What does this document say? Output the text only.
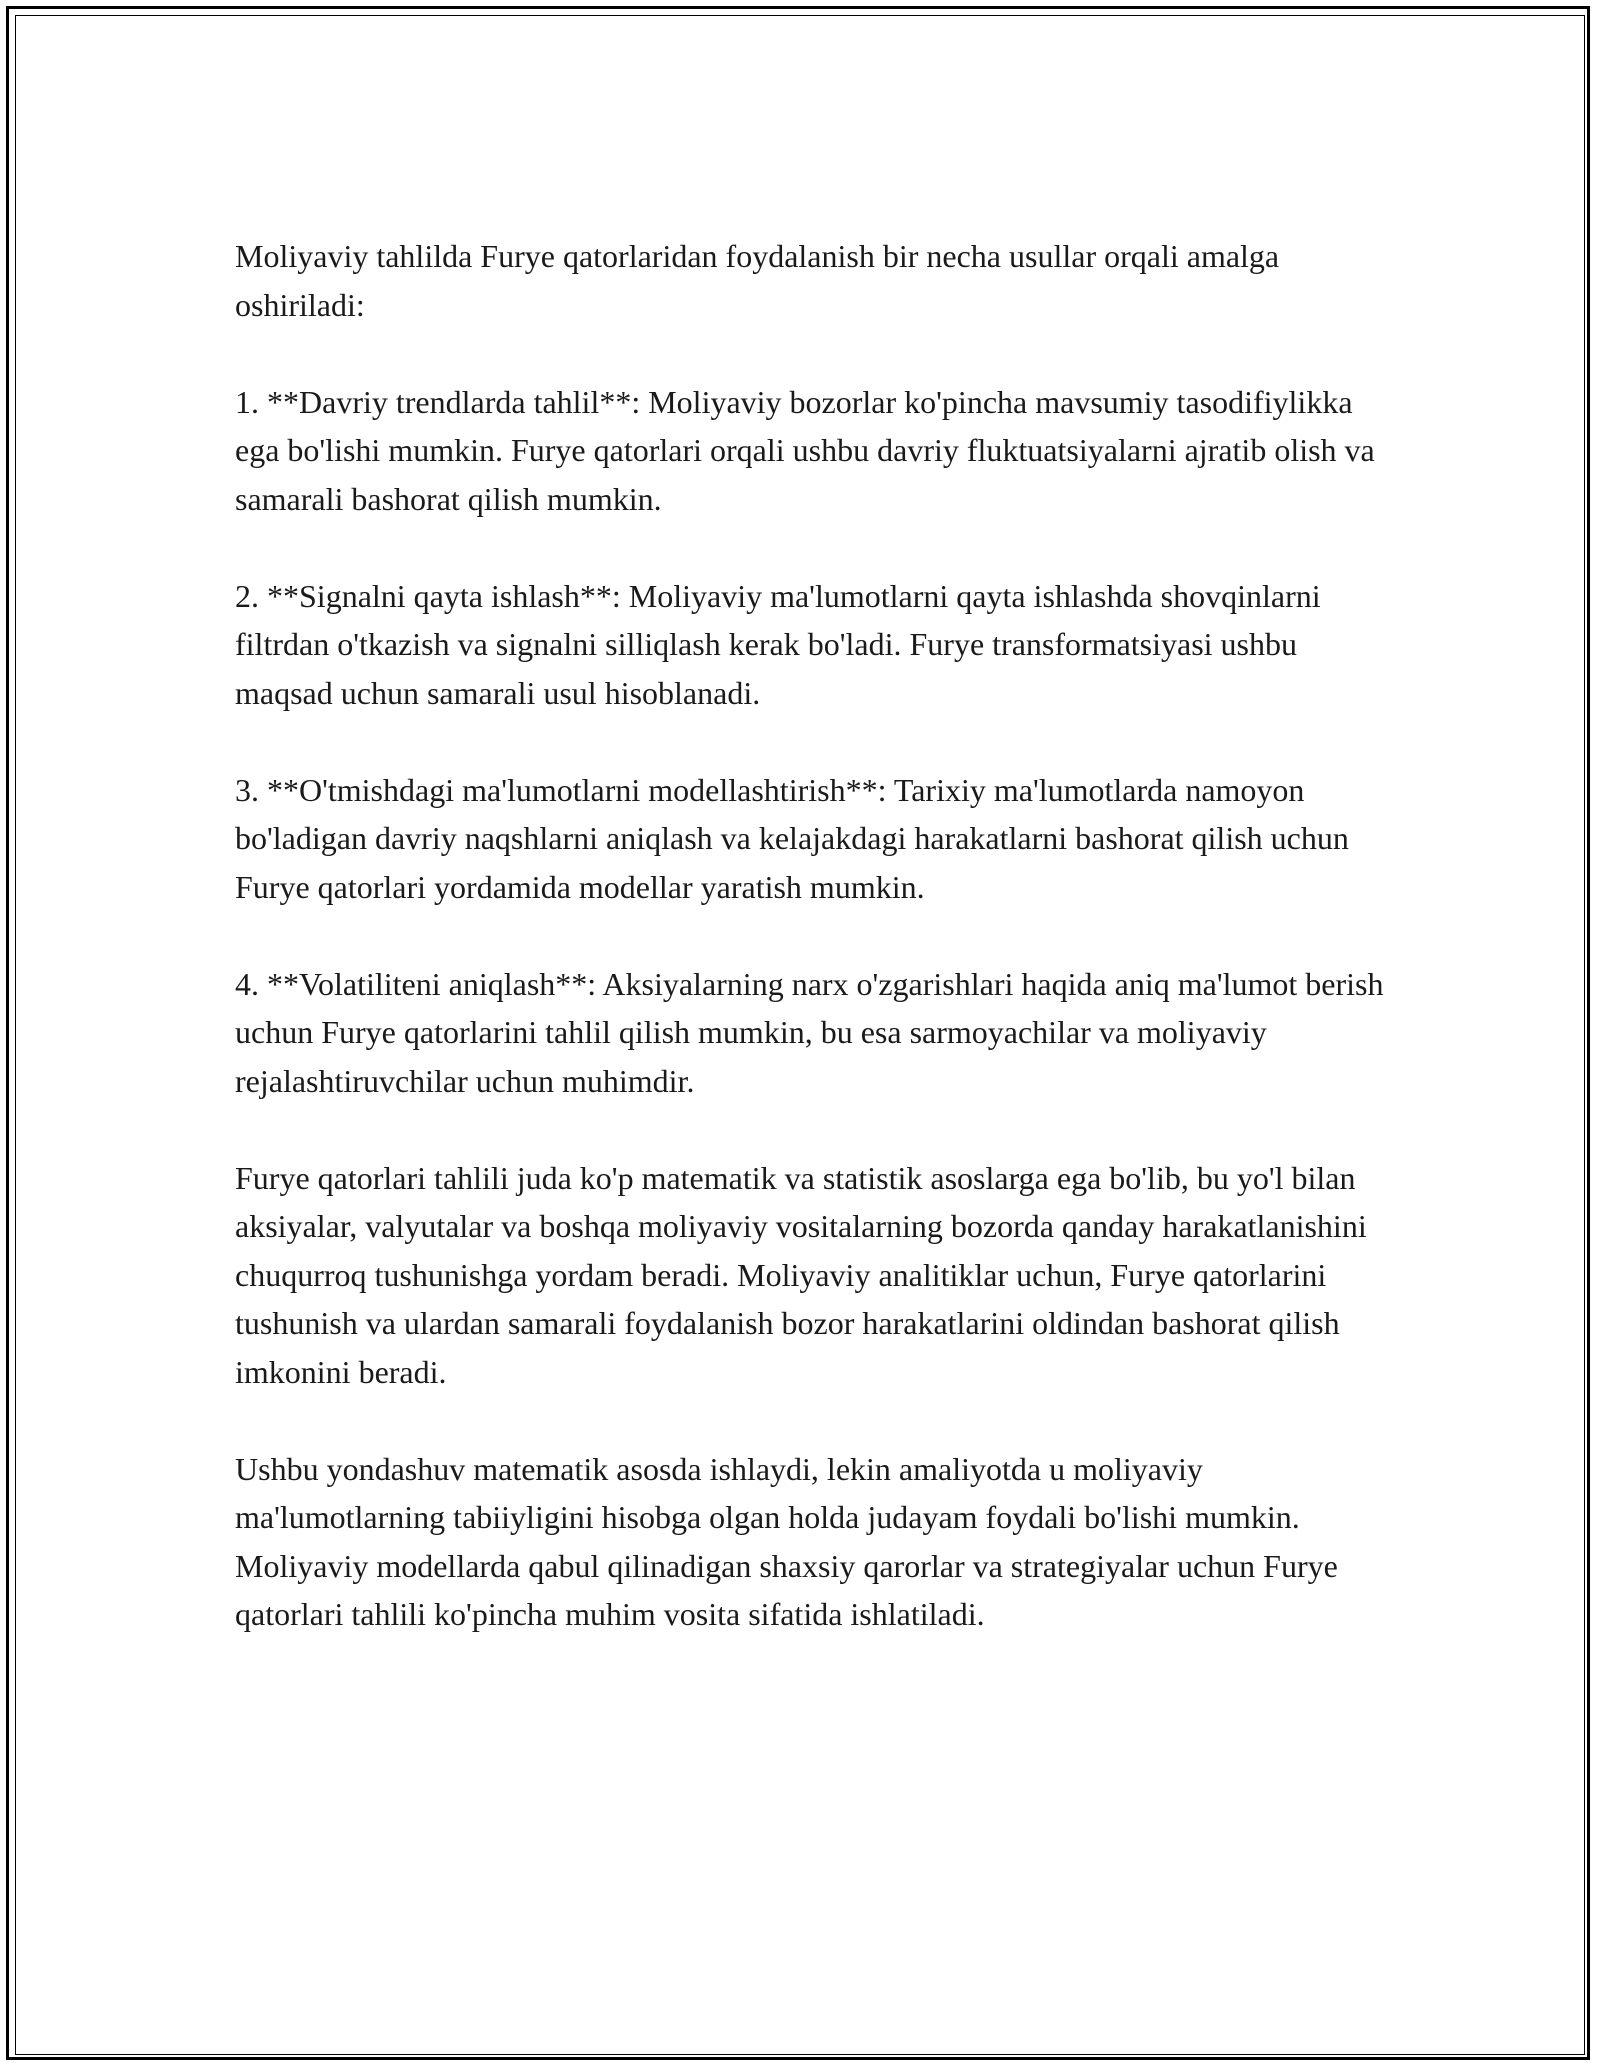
Moliyaviy tahlilda Furye qatorlaridan foydalanish bir necha usullar orqali amalga oshiriladi:

1. **Davriy trendlarda tahlil**: Moliyaviy bozorlar ko'pincha mavsumiy tasodifiylikka ega bo'lishi mumkin. Furye qatorlari orqali ushbu davriy fluktuatsiyalarni ajratib olish va samarali bashorat qilish mumkin.

2. **Signalni qayta ishlash**: Moliyaviy ma'lumotlarni qayta ishlashda shovqinlarni filtrdan o'tkazish va signalni silliqlash kerak bo'ladi. Furye transformatsiyasi ushbu maqsad uchun samarali usul hisoblanadi.

3. **O'tmishdagi ma'lumotlarni modellashtirish**: Tarixiy ma'lumotlarda namoyon bo'ladigan davriy naqshlarni aniqlash va kelajakdagi harakatlarni bashorat qilish uchun Furye qatorlari yordamida modellar yaratish mumkin.

4. **Volatiliteni aniqlash**: Aksiyalarning narx o'zgarishlari haqida aniq ma'lumot berish uchun Furye qatorlarini tahlil qilish mumkin, bu esa sarmoyachilar va moliyaviy rejalashtiruvchilar uchun muhimdir.

Furye qatorlari tahlili juda ko'p matematik va statistik asoslarga ega bo'lib, bu yo'l bilan aksiyalar, valyutalar va boshqa moliyaviy vositalarning bozorda qanday harakatlanishini chuqurroq tushunishga yordam beradi. Moliyaviy analitiklar uchun, Furye qatorlarini tushunish va ulardan samarali foydalanish bozor harakatlarini oldindan bashorat qilish imkonini beradi.

Ushbu yondashuv matematik asosda ishlaydi, lekin amaliyotda u moliyaviy ma'lumotlarning tabiiyligini hisobga olgan holda judayam foydali bo'lishi mumkin. Moliyaviy modellarda qabul qilinadigan shaxsiy qarorlar va strategiyalar uchun Furye qatorlari tahlili ko'pincha muhim vosita sifatida ishlatiladi.
